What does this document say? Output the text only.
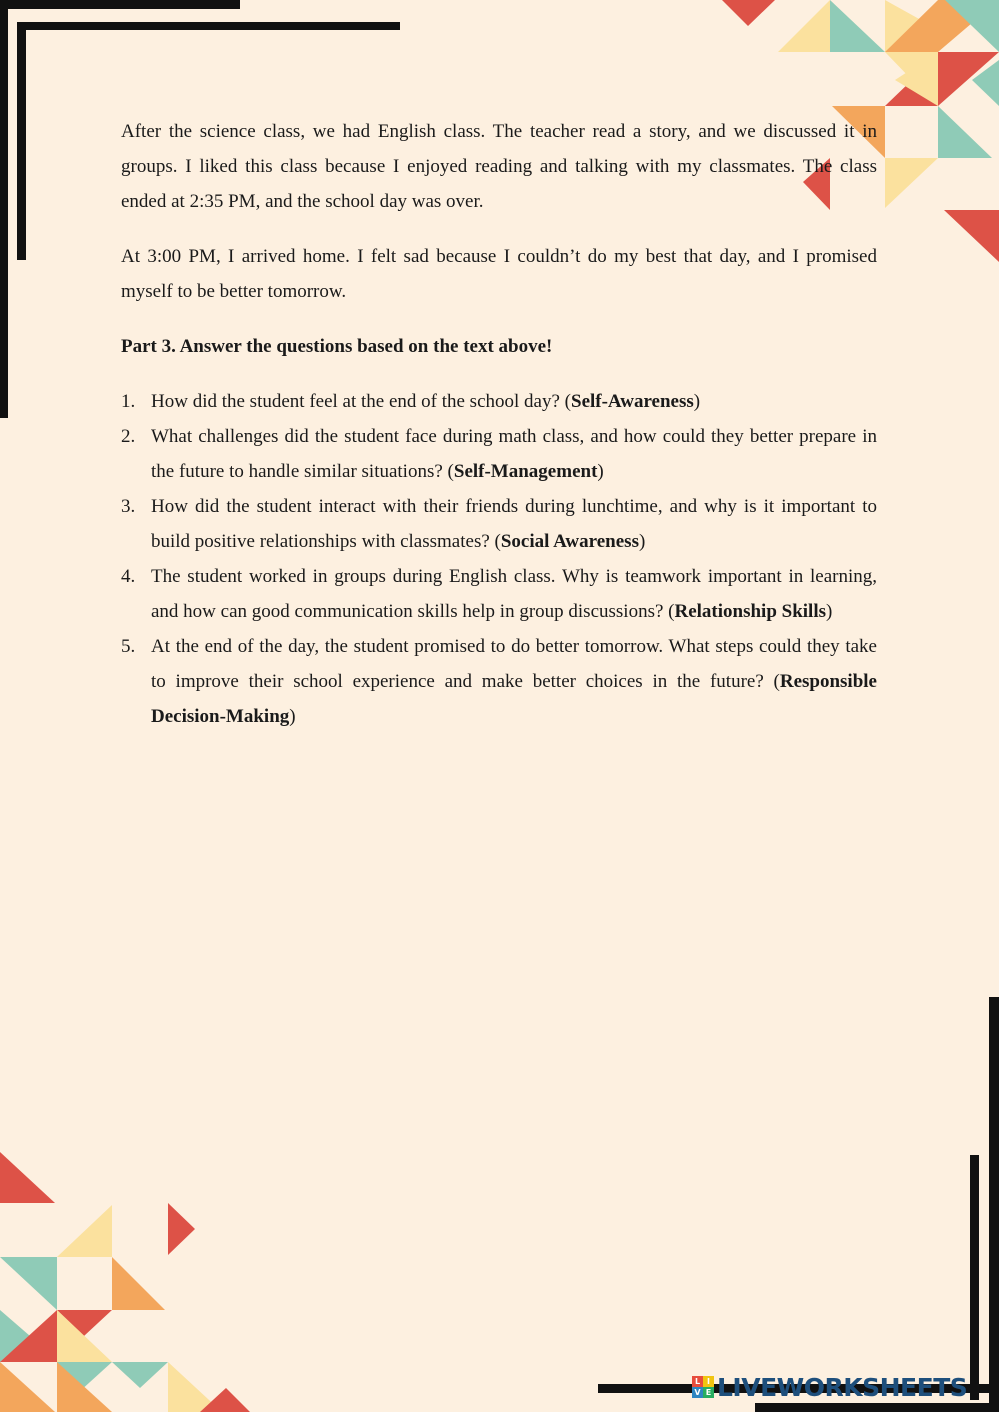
After the science class, we had English class. The teacher read a story, and we discussed it in groups. I liked this class because I enjoyed reading and talking with my classmates. The class ended at 2:35 PM, and the school day was over.

At 3:00 PM, I arrived home. I felt sad because I couldn’t do my best that day, and I promised myself to be better tomorrow.

Part 3. Answer the questions based on the text above!
1. How did the student feel at the end of the school day? (Self-Awareness)
2. What challenges did the student face during math class, and how could they better prepare in the future to handle similar situations? (Self-Management)
3. How did the student interact with their friends during lunchtime, and why is it important to build positive relationships with classmates? (Social Awareness)
4. The student worked in groups during English class. Why is teamwork important in learning, and how can good communication skills help in group discussions? (Relationship Skills)
5. At the end of the day, the student promised to do better tomorrow. What steps could they take to improve their school experience and make better choices in the future? (Responsible Decision-Making)
L I
V E LIVEWORKSHEETS
